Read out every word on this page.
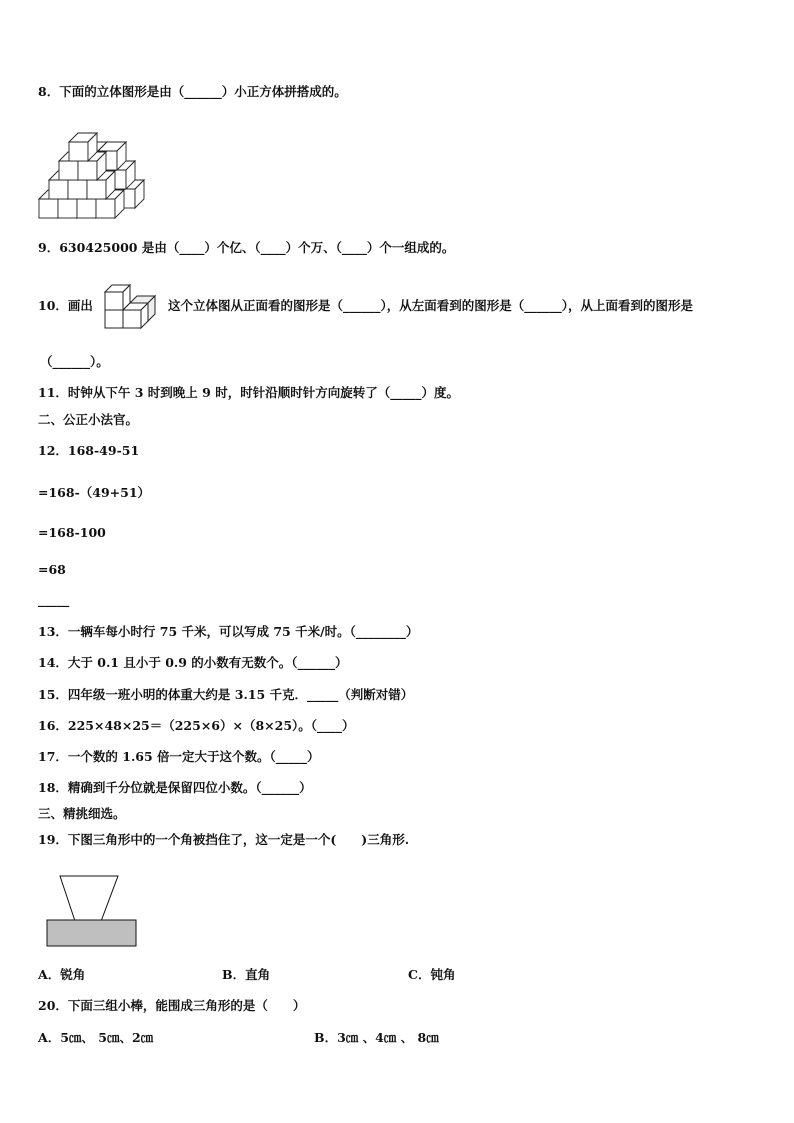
8．下面的立体图形是由（______）小正方体拼搭成的。
9．630425000 是由（____）个亿、（____）个万、（____）个一组成的。
10．画出	这个立体图从正面看的图形是（______），从左面看到的图形是（______），从上面看到的图形是
（______）。
11．时钟从下午 3 时到晚上 9 时，时针沿顺时针方向旋转了（_____）度。
二、公正小法官。
12．168-49-51
=168-（49+51）
=168-100
=68
_____
13．一辆车每小时行 75 千米，可以写成 75 千米/时。（________）
14．大于 0.1 且小于 0.9 的小数有无数个。（______）
15．四年级一班小明的体重大约是 3.15 千克．_____（判断对错）
16．225×48×25＝（225×6）×（8×25）。（____）
17．一个数的 1.65 倍一定大于这个数。（_____）
18．精确到千分位就是保留四位小数。（______）
三、精挑细选。
19．下图三角形中的一个角被挡住了，这一定是一个(　　)三角形.
A．锐角	B．直角	C．钝角
20．下面三组小棒，能围成三角形的是（　　）
A．5㎝、 5㎝、2㎝	B．3㎝ 、4㎝ 、 8㎝
